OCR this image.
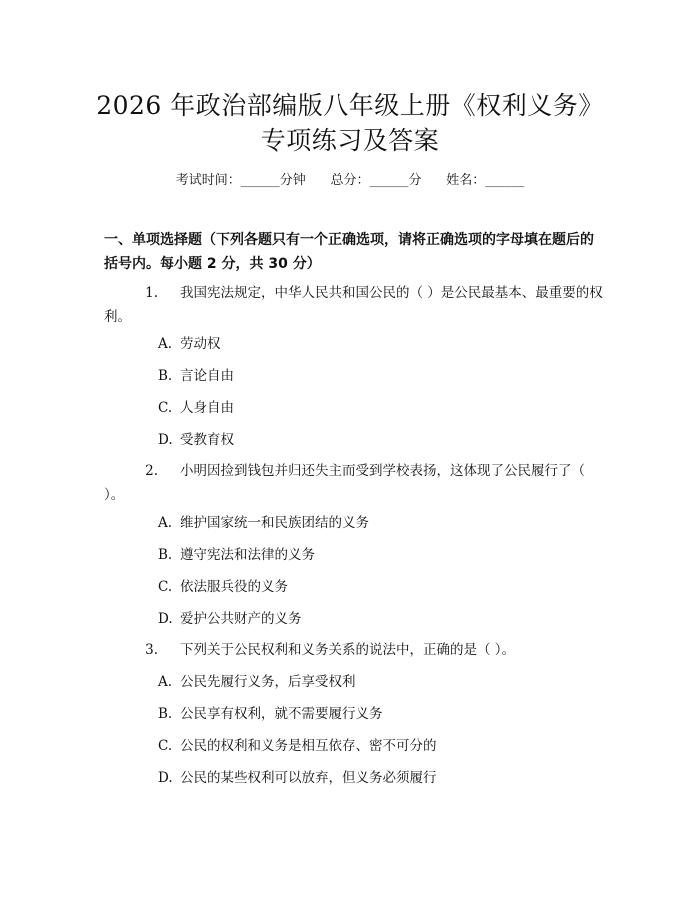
2026 年政治部编版八年级上册《权利义务》
专项练习及答案
考试时间：______分钟      总分：______分      姓名：______
一、单项选择题（下列各题只有一个正确选项，请将正确选项的字母填在题后的括号内。每小题 2 分，共 30 分）
1. 我国宪法规定，中华人民共和国公民的（ ）是公民最基本、最重要的权利。
A. 劳动权
B. 言论自由
C. 人身自由
D. 受教育权
2. 小明因捡到钱包并归还失主而受到学校表扬，这体现了公民履行了（ ）。
A. 维护国家统一和民族团结的义务
B. 遵守宪法和法律的义务
C. 依法服兵役的义务
D. 爱护公共财产的义务
3. 下列关于公民权利和义务关系的说法中，正确的是（ ）。
A. 公民先履行义务，后享受权利
B. 公民享有权利，就不需要履行义务
C. 公民的权利和义务是相互依存、密不可分的
D. 公民的某些权利可以放弃，但义务必须履行
